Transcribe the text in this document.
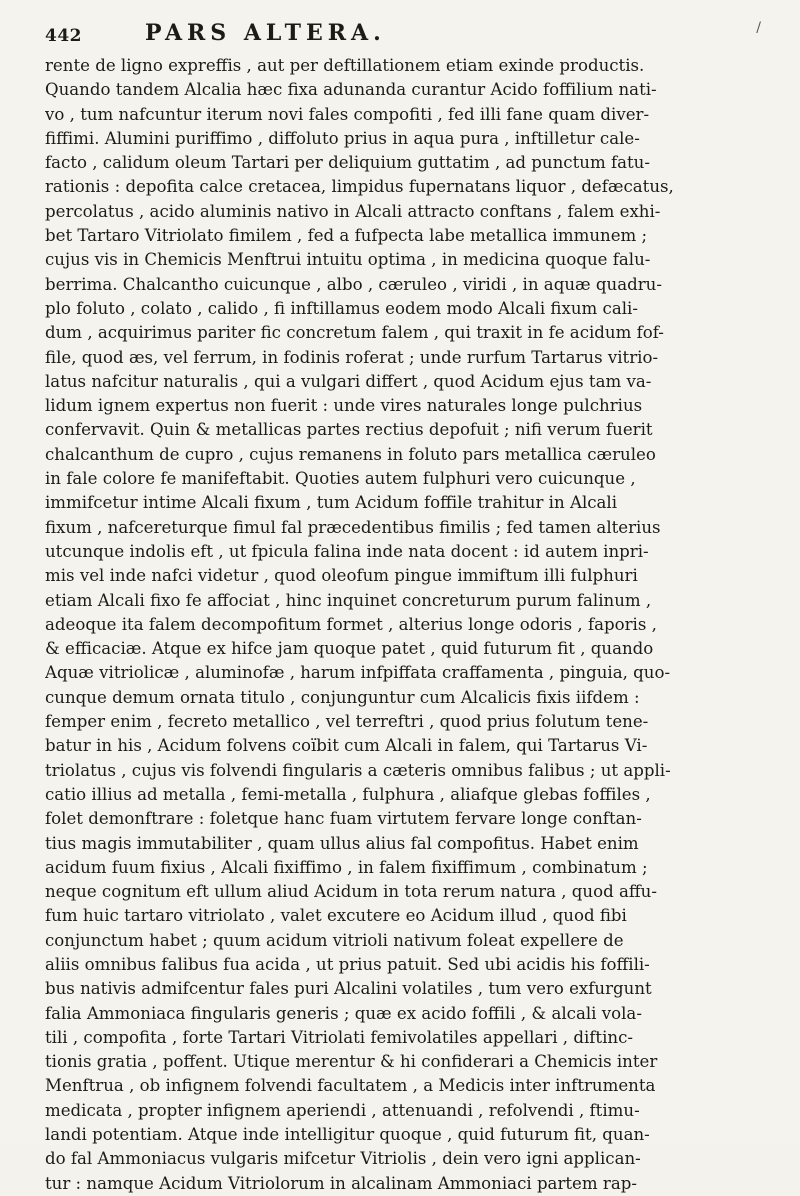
442	PARS ALTERA.	/
rente de ligno expreffis , aut per deftillationem etiam exinde productis.
Quando tandem Alcalia hæc fixa adunanda curantur Acido foffilium nati-
vo , tum nafcuntur iterum novi fales compofiti , fed illi fane quam diver-
fiffimi. Alumini puriffimo , diffoluto prius in aqua pura , inftilletur cale-
facto , calidum oleum Tartari per deliquium guttatim , ad punctum fatu-
rationis : depofita calce cretacea, limpidus fupernatans liquor , defæcatus,
percolatus , acido aluminis nativo in Alcali attracto conftans , falem exhi-
bet Tartaro Vitriolato fimilem , fed a fufpecta labe metallica immunem ;
cujus vis in Chemicis Menftrui intuitu optima , in medicina quoque falu-
berrima. Chalcantho cuicunque , albo , cæruleo , viridi , in aquæ quadru-
plo foluto , colato , calido , fi inftillamus eodem modo Alcali fixum cali-
dum , acquirimus pariter fic concretum falem , qui traxit in fe acidum fof-
file, quod æs, vel ferrum, in fodinis roferat ; unde rurfum Tartarus vitrio-
latus nafcitur naturalis , qui a vulgari differt , quod Acidum ejus tam va-
lidum ignem expertus non fuerit : unde vires naturales longe pulchrius
confervavit. Quin & metallicas partes rectius depofuit ; nifi verum fuerit
chalcanthum de cupro , cujus remanens in foluto pars metallica cæruleo
in fale colore fe manifeftabit. Quoties autem fulphuri vero cuicunque ,
immifcetur intime Alcali fixum , tum Acidum foffile trahitur in Alcali
fixum , nafcereturque fimul fal præcedentibus fimilis ; fed tamen alterius
utcunque indolis eft , ut fpicula falina inde nata docent : id autem inpri-
mis vel inde nafci videtur , quod oleofum pingue immiftum illi fulphuri
etiam Alcali fixo fe affociat , hinc inquinet concreturum purum falinum ,
adeoque ita falem decompofitum formet , alterius longe odoris , faporis ,
& efficaciæ. Atque ex hifce jam quoque patet , quid futurum fit , quando
Aquæ vitriolicæ , aluminofæ , harum infpiffata craffamenta , pinguia, quo-
cunque demum ornata titulo , conjunguntur cum Alcalicis fixis iifdem :
femper enim , fecreto metallico , vel terreftri , quod prius folutum tene-
batur in his , Acidum folvens coïbit cum Alcali in falem, qui Tartarus Vi-
triolatus , cujus vis folvendi fingularis a cæteris omnibus falibus ; ut appli-
catio illius ad metalla , femi-metalla , fulphura , aliafque glebas foffiles ,
folet demonftrare : foletque hanc fuam virtutem fervare longe conftan-
tius magis immutabiliter , quam ullus alius fal compofitus. Habet enim
acidum fuum fixius , Alcali fixiffimo , in falem fixiffimum , combinatum ;
neque cognitum eft ullum aliud Acidum in tota rerum natura , quod affu-
fum huic tartaro vitriolato , valet excutere eo Acidum illud , quod fibi
conjunctum habet ; quum acidum vitrioli nativum foleat expellere de
aliis omnibus falibus fua acida , ut prius patuit. Sed ubi acidis his foffili-
bus nativis admifcentur fales puri Alcalini volatiles , tum vero exfurgunt
falia Ammoniaca fingularis generis ; quæ ex acido foffili , & alcali vola-
tili , compofita , forte Tartari Vitriolati femivolatiles appellari , diftinc-
tionis gratia , poffent. Utique merentur & hi confiderari a Chemicis inter
Menftrua , ob infignem folvendi facultatem , a Medicis inter inftrumenta
medicata , propter infignem aperiendi , attenuandi , refolvendi , ftimu-
landi potentiam. Atque inde intelligitur quoque , quid futurum fit, quan-
do fal Ammoniacus vulgaris mifcetur Vitriolis , dein vero igni applican-
tur : namque Acidum Vitriolorum in alcalinam Ammoniaci partem rap-
